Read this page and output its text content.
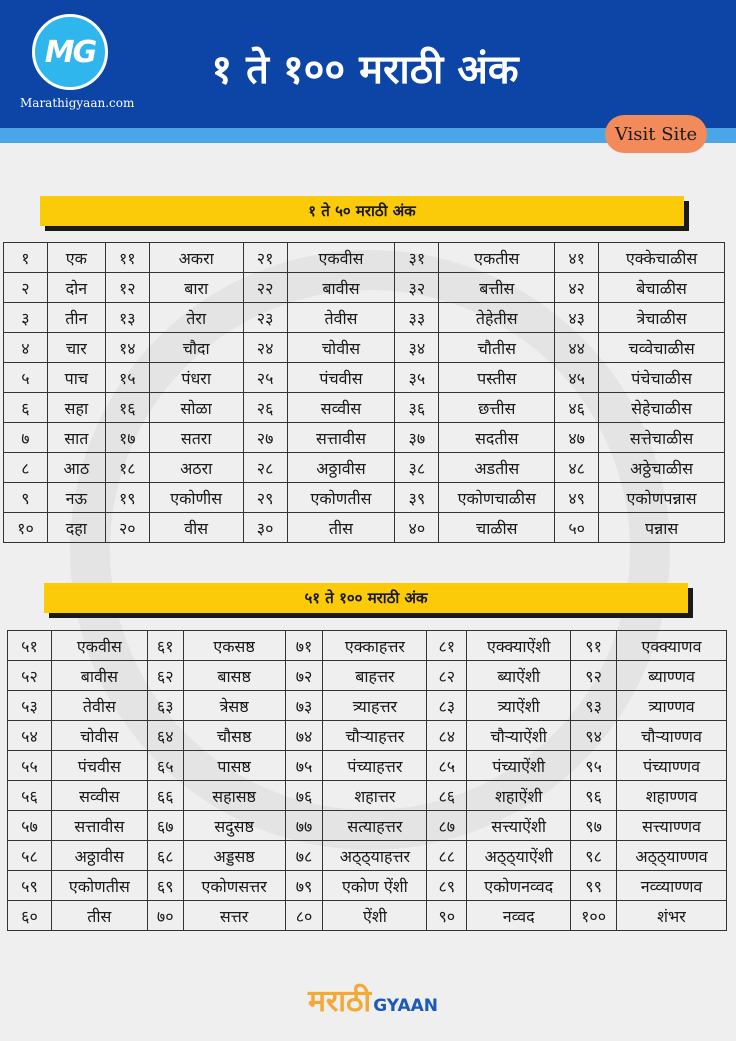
MG
Marathigyaan.com
१ ते १०० मराठी अंक
Visit Site
१ ते ५० मराठी अंक
१	एक	११	अकरा	२१	एकवीस	३१	एकतीस	४१	एक्केचाळीस
२	दोन	१२	बारा	२२	बावीस	३२	बत्तीस	४२	बेचाळीस
३	तीन	१३	तेरा	२३	तेवीस	३३	तेहेतीस	४३	त्रेचाळीस
४	चार	१४	चौदा	२४	चोवीस	३४	चौतीस	४४	चव्वेचाळीस
५	पाच	१५	पंधरा	२५	पंचवीस	३५	पस्तीस	४५	पंचेचाळीस
६	सहा	१६	सोळा	२६	सव्वीस	३६	छत्तीस	४६	सेहेचाळीस
७	सात	१७	सतरा	२७	सत्तावीस	३७	सदतीस	४७	सत्तेचाळीस
८	आठ	१८	अठरा	२८	अठ्ठावीस	३८	अडतीस	४८	अठ्ठेचाळीस
९	नऊ	१९	एकोणीस	२९	एकोणतीस	३९	एकोणचाळीस	४९	एकोणपन्नास
१०	दहा	२०	वीस	३०	तीस	४०	चाळीस	५०	पन्नास
५१ ते १०० मराठी अंक
५१	एकवीस	६१	एकसष्ठ	७१	एक्काहत्तर	८१	एक्क्याऐंशी	९१	एक्क्याणव
५२	बावीस	६२	बासष्ठ	७२	बाहत्तर	८२	ब्याऐंशी	९२	ब्याण्णव
५३	तेवीस	६३	त्रेसष्ठ	७३	त्र्याहत्तर	८३	त्र्याऐंशी	९३	त्र्याण्णव
५४	चोवीस	६४	चौसष्ठ	७४	चौऱ्याहत्तर	८४	चौऱ्याऐंशी	९४	चौऱ्याण्णव
५५	पंचवीस	६५	पासष्ठ	७५	पंच्याहत्तर	८५	पंच्याऐंशी	९५	पंच्याण्णव
५६	सव्वीस	६६	सहासष्ठ	७६	शहात्तर	८६	शहाऐंशी	९६	शहाण्णव
५७	सत्तावीस	६७	सदुसष्ठ	७७	सत्याहत्तर	८७	सत्त्याऐंशी	९७	सत्त्याण्णव
५८	अठ्ठावीस	६८	अड्डसष्ठ	७८	अठ्ठ्याहत्तर	८८	अठ्ठ्याऐंशी	९८	अठ्ठ्याण्णव
५९	एकोणतीस	६९	एकोणसत्तर	७९	एकोण ऐंशी	८९	एकोणनव्वद	९९	नव्व्याण्णव
६०	तीस	७०	सत्तर	८०	ऐंशी	९०	नव्वद	१००	शंभर
मराठी GYAAN
